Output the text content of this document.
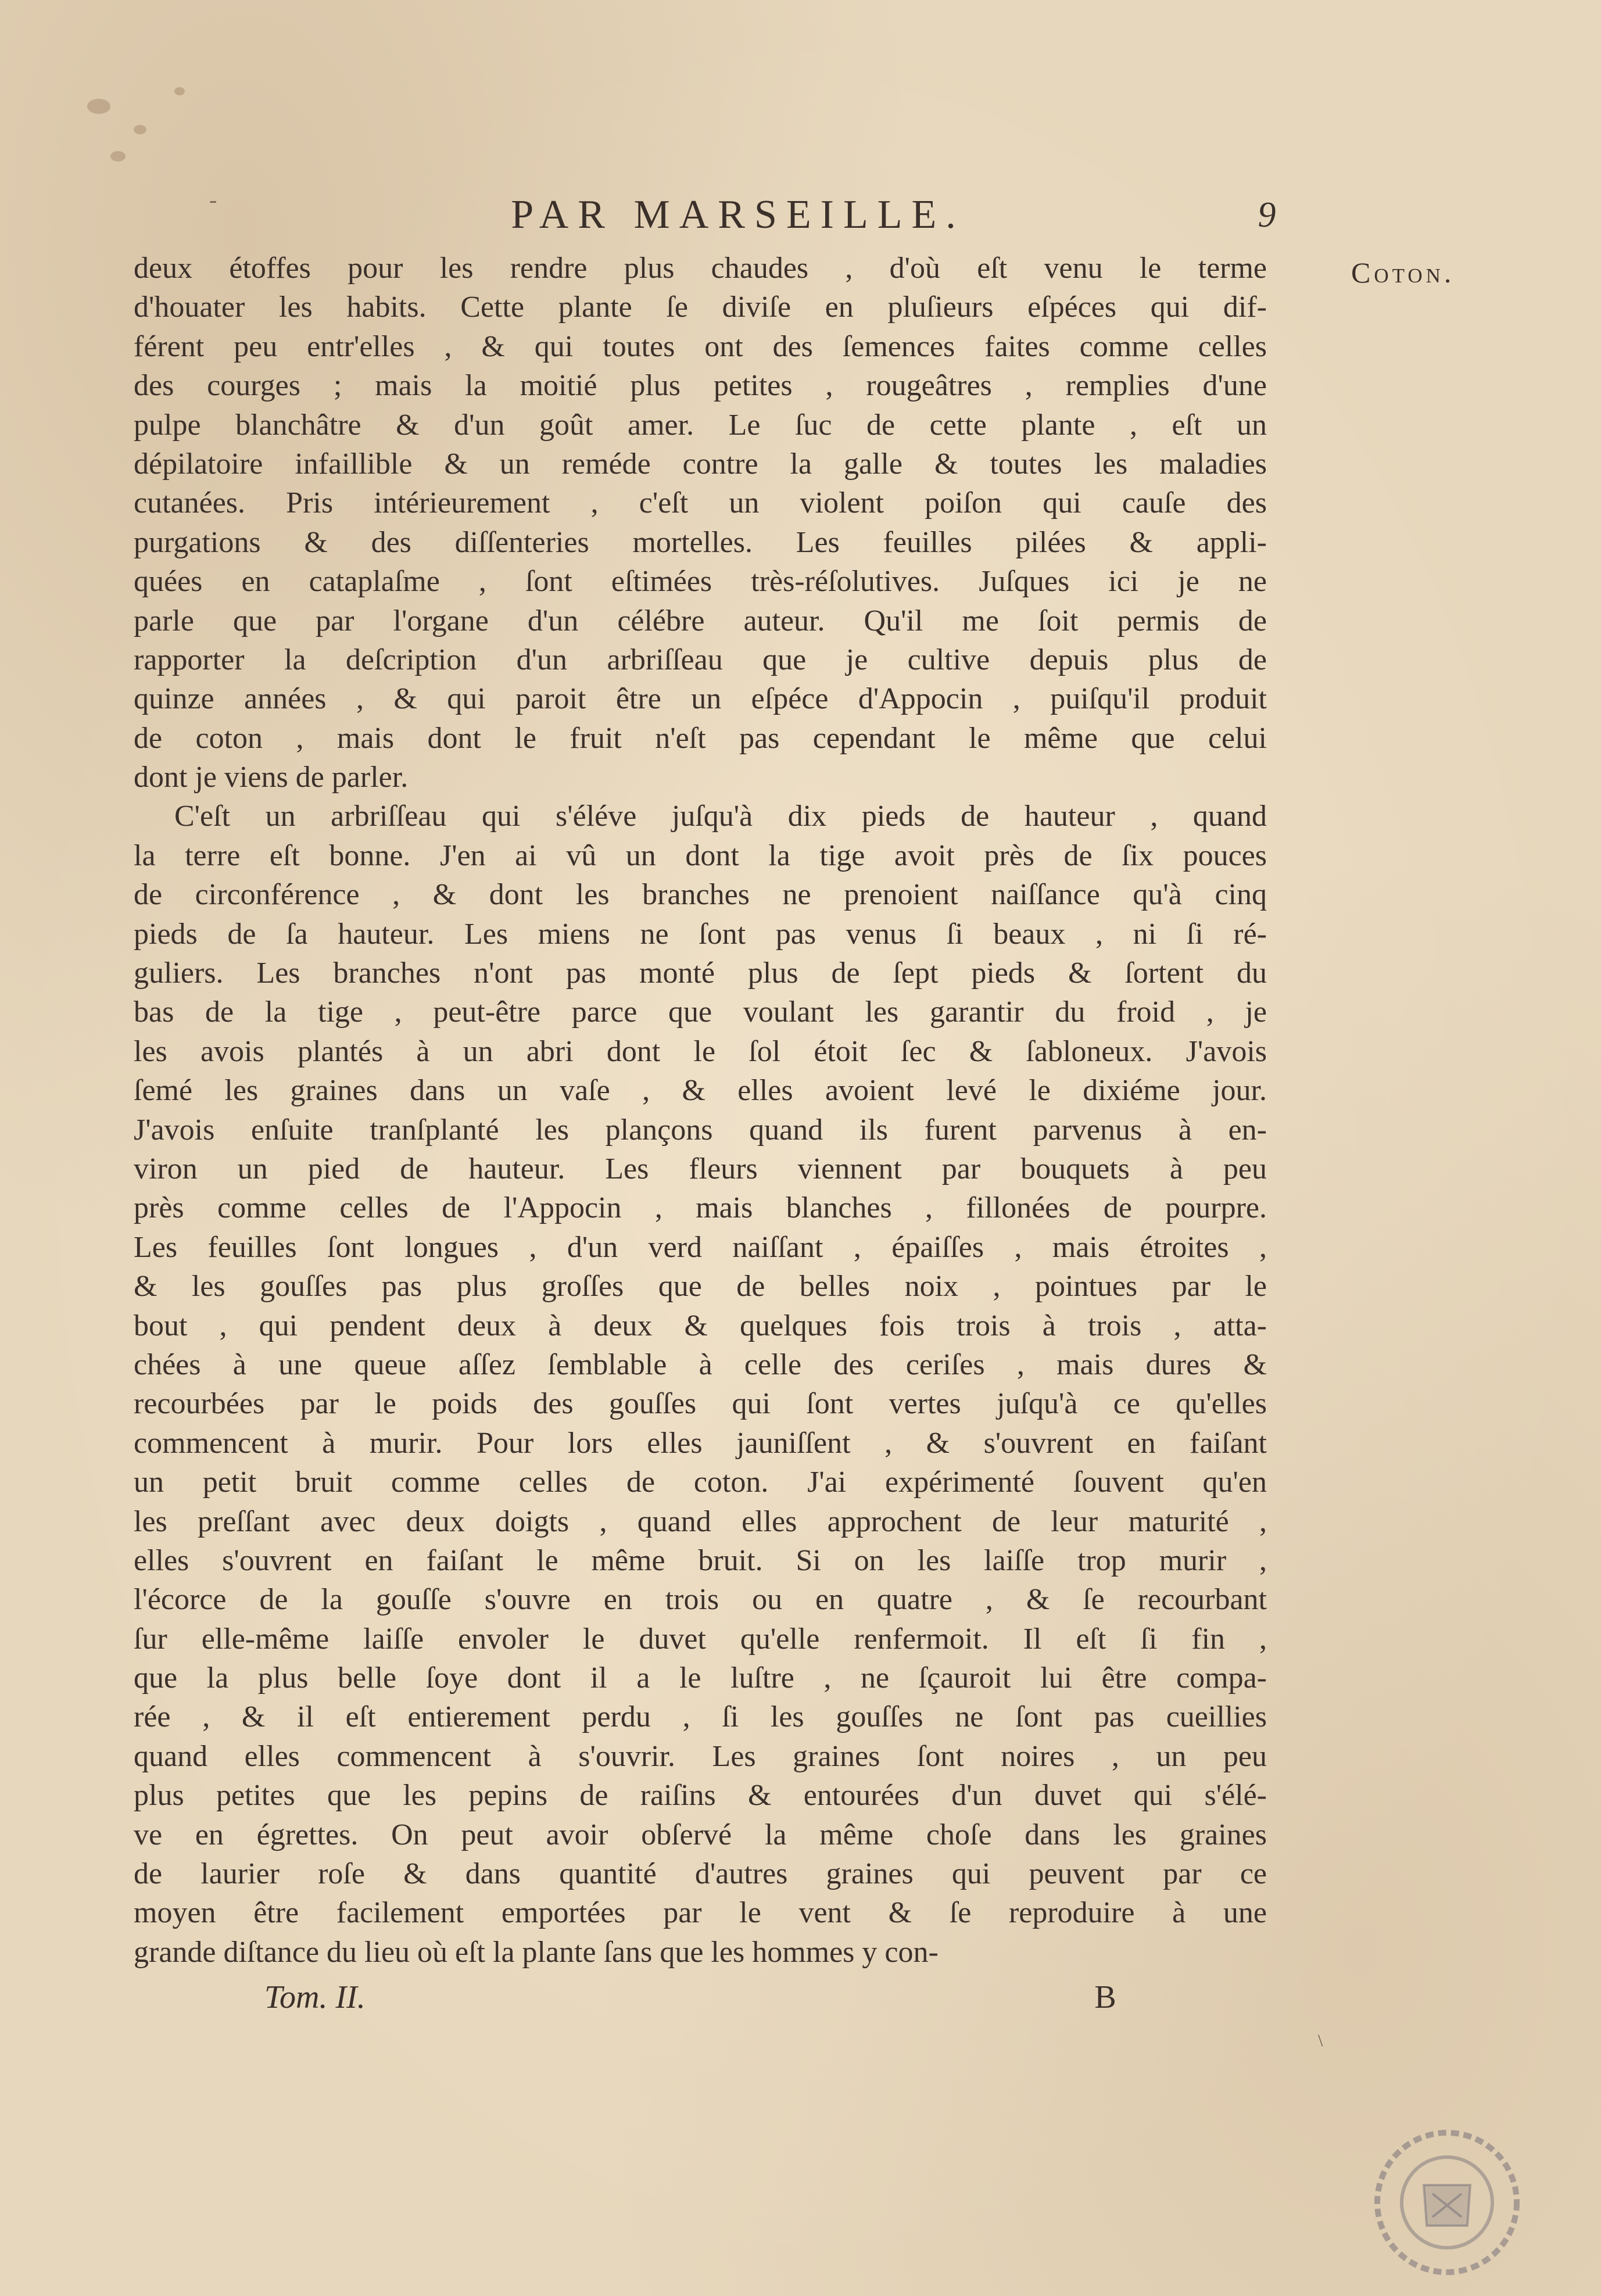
-	PAR MARSEILLE.	9
Coton.
deux étoffes pour les rendre plus chaudes , d'où eſt venu le terme
d'houater les habits. Cette plante ſe diviſe en pluſieurs eſpéces qui dif-
férent peu entr'elles , & qui toutes ont des ſemences faites comme celles
des courges ; mais la moitié plus petites , rougeâtres , remplies d'une
pulpe blanchâtre & d'un goût amer. Le ſuc de cette plante , eſt un
dépilatoire infaillible & un reméde contre la galle & toutes les maladies
cutanées. Pris intérieurement , c'eſt un violent poiſon qui cauſe des
purgations & des diſſenteries mortelles. Les feuilles pilées & appli-
quées en cataplaſme , ſont eſtimées très-réſolutives. Juſques ici je ne
parle que par l'organe d'un célébre auteur. Qu'il me ſoit permis de
rapporter la deſcription d'un arbriſſeau que je cultive depuis plus de
quinze années , & qui paroit être un eſpéce d'Appocin , puiſqu'il produit
de coton , mais dont le fruit n'eſt pas cependant le même que celui
dont je viens de parler.
C'eſt un arbriſſeau qui s'éléve juſqu'à dix pieds de hauteur , quand
la terre eſt bonne. J'en ai vû un dont la tige avoit près de ſix pouces
de circonférence , & dont les branches ne prenoient naiſſance qu'à cinq
pieds de ſa hauteur. Les miens ne ſont pas venus ſi beaux , ni ſi ré-
guliers. Les branches n'ont pas monté plus de ſept pieds & ſortent du
bas de la tige , peut-être parce que voulant les garantir du froid , je
les avois plantés à un abri dont le ſol étoit ſec & ſabloneux. J'avois
ſemé les graines dans un vaſe , & elles avoient levé le dixiéme jour.
J'avois enſuite tranſplanté les plançons quand ils furent parvenus à en-
viron un pied de hauteur. Les fleurs viennent par bouquets à peu
près comme celles de l'Appocin , mais blanches , fillonées de pourpre.
Les feuilles ſont longues , d'un verd naiſſant , épaiſſes , mais étroites ,
& les gouſſes pas plus groſſes que de belles noix , pointues par le
bout , qui pendent deux à deux & quelques fois trois à trois , atta-
chées à une queue aſſez ſemblable à celle des ceriſes , mais dures &
recourbées par le poids des gouſſes qui ſont vertes juſqu'à ce qu'elles
commencent à murir. Pour lors elles jauniſſent , & s'ouvrent en faiſant
un petit bruit comme celles de coton. J'ai expérimenté ſouvent qu'en
les preſſant avec deux doigts , quand elles approchent de leur maturité ,
elles s'ouvrent en faiſant le même bruit. Si on les laiſſe trop murir ,
l'écorce de la gouſſe s'ouvre en trois ou en quatre , & ſe recourbant
ſur elle-même laiſſe envoler le duvet qu'elle renfermoit. Il eſt ſi fin ,
que la plus belle ſoye dont il a le luſtre , ne ſçauroit lui être compa-
rée , & il eſt entierement perdu , ſi les gouſſes ne ſont pas cueillies
quand elles commencent à s'ouvrir. Les graines ſont noires , un peu
plus petites que les pepins de raiſins & entourées d'un duvet qui s'élé-
ve en égrettes. On peut avoir obſervé la même choſe dans les graines
de laurier roſe & dans quantité d'autres graines qui peuvent par ce
moyen être facilement emportées par le vent & ſe reproduire à une
grande diſtance du lieu où eſt la plante ſans que les hommes y con-
Tom. II.	B
\
